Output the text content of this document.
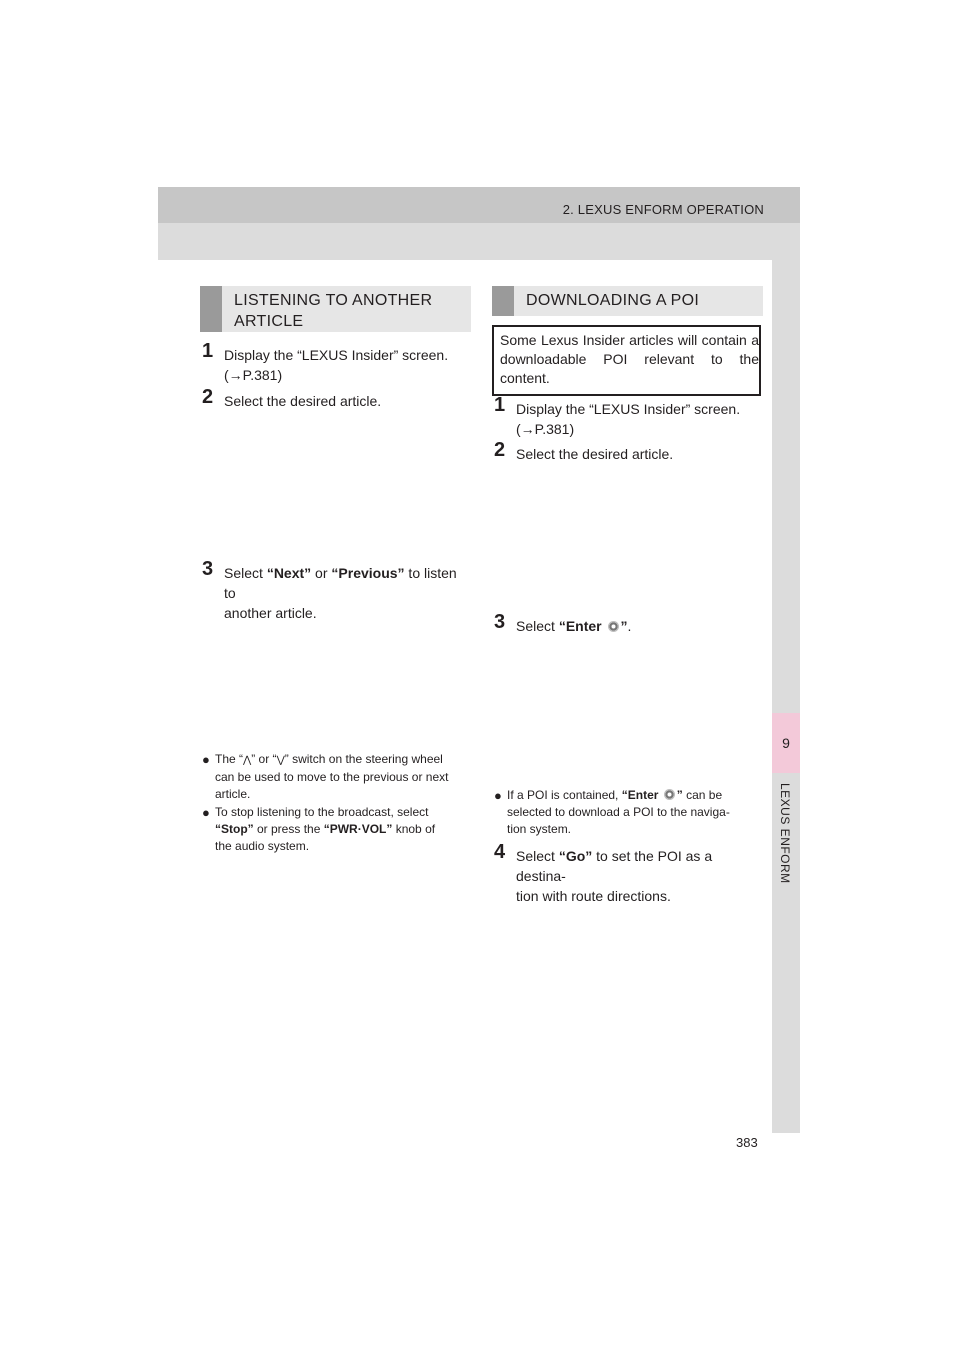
2. LEXUS ENFORM OPERATION
9
LEXUS ENFORM
LISTENING TO ANOTHER
ARTICLE
1 Display the “LEXUS Insider” screen.
(→P.381)
2 Select the desired article.
3 Select “Next” or “Previous” to listen to
another article.
● The “⋀” or “⋁” switch on the steering wheel
can be used to move to the previous or next
article.
● To stop listening to the broadcast, select
“Stop” or press the “PWR·VOL” knob of
the audio system.
DOWNLOADING A POI
Some Lexus Insider articles will contain a downloadable POI relevant to the content.
1 Display the “LEXUS Insider” screen.
(→P.381)
2 Select the desired article.
3 Select “Enter ”.
● If a POI is contained, “Enter ” can be
selected to download a POI to the naviga-
tion system.
4 Select “Go” to set the POI as a destina-
tion with route directions.
383
